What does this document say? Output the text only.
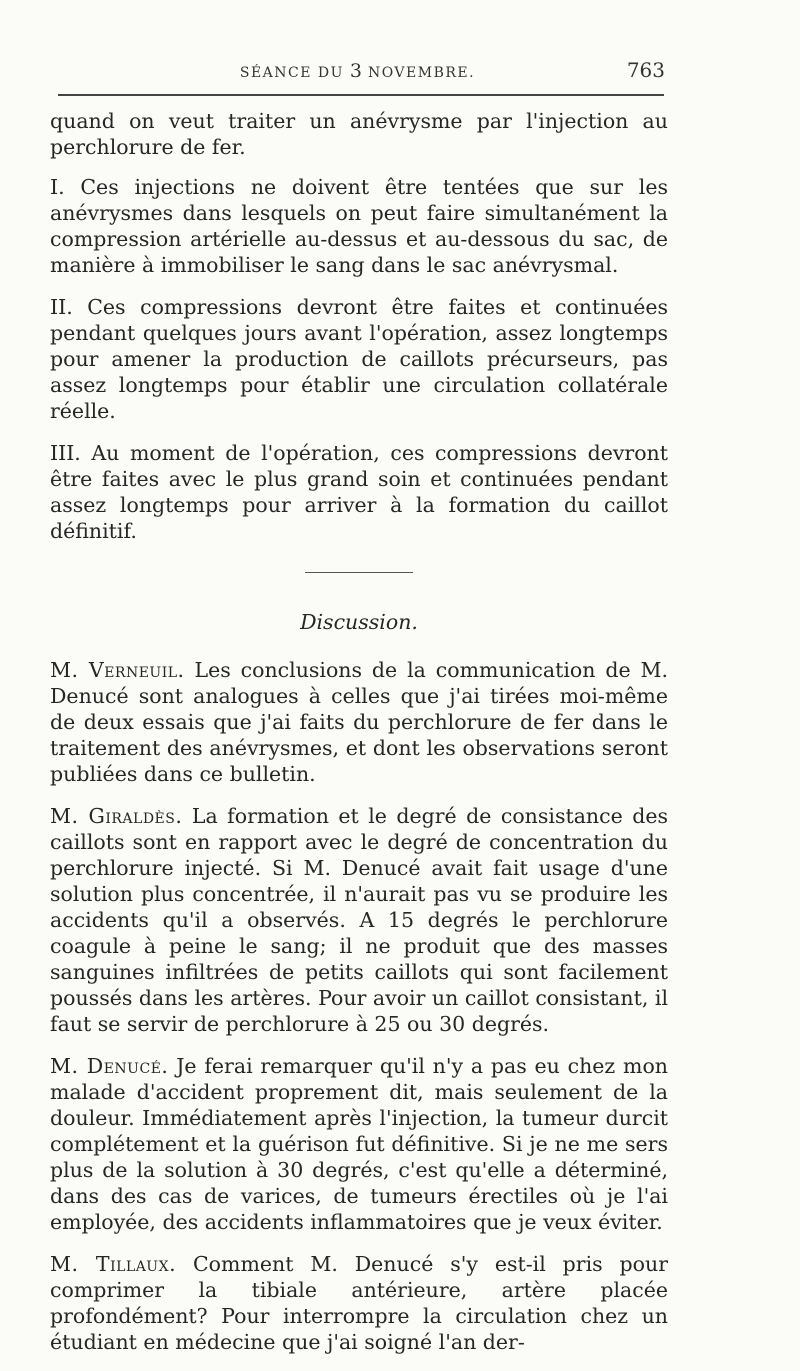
SÉANCE DU 3 NOVEMBRE.	763

quand on veut traiter un anévrysme par l'injection au perchlorure de fer.

I. Ces injections ne doivent être tentées que sur les anévrysmes dans lesquels on peut faire simultanément la compression artérielle au-dessus et au-dessous du sac, de manière à immobiliser le sang dans le sac anévrysmal.

II. Ces compressions devront être faites et continuées pendant quelques jours avant l'opération, assez longtemps pour amener la production de caillots précurseurs, pas assez longtemps pour établir une circulation collatérale réelle.

III. Au moment de l'opération, ces compressions devront être faites avec le plus grand soin et continuées pendant assez longtemps pour arriver à la formation du caillot définitif.

Discussion.

M. Verneuil. Les conclusions de la communication de M. Denucé sont analogues à celles que j'ai tirées moi-même de deux essais que j'ai faits du perchlorure de fer dans le traitement des anévrysmes, et dont les observations seront publiées dans ce bulletin.

M. Giraldès. La formation et le degré de consistance des caillots sont en rapport avec le degré de concentration du perchlorure injecté. Si M. Denucé avait fait usage d'une solution plus concentrée, il n'aurait pas vu se produire les accidents qu'il a observés. A 15 degrés le perchlorure coagule à peine le sang; il ne produit que des masses sanguines infiltrées de petits caillots qui sont facilement poussés dans les artères. Pour avoir un caillot consistant, il faut se servir de perchlorure à 25 ou 30 degrés.

M. Denucé. Je ferai remarquer qu'il n'y a pas eu chez mon malade d'accident proprement dit, mais seulement de la douleur. Immédiatement après l'injection, la tumeur durcit complétement et la guérison fut définitive. Si je ne me sers plus de la solution à 30 degrés, c'est qu'elle a déterminé, dans des cas de varices, de tumeurs érectiles où je l'ai employée, des accidents inflammatoires que je veux éviter.

M. Tillaux. Comment M. Denucé s'y est-il pris pour comprimer la tibiale antérieure, artère placée profondément? Pour interrompre la circulation chez un étudiant en médecine que j'ai soigné l'an der-
